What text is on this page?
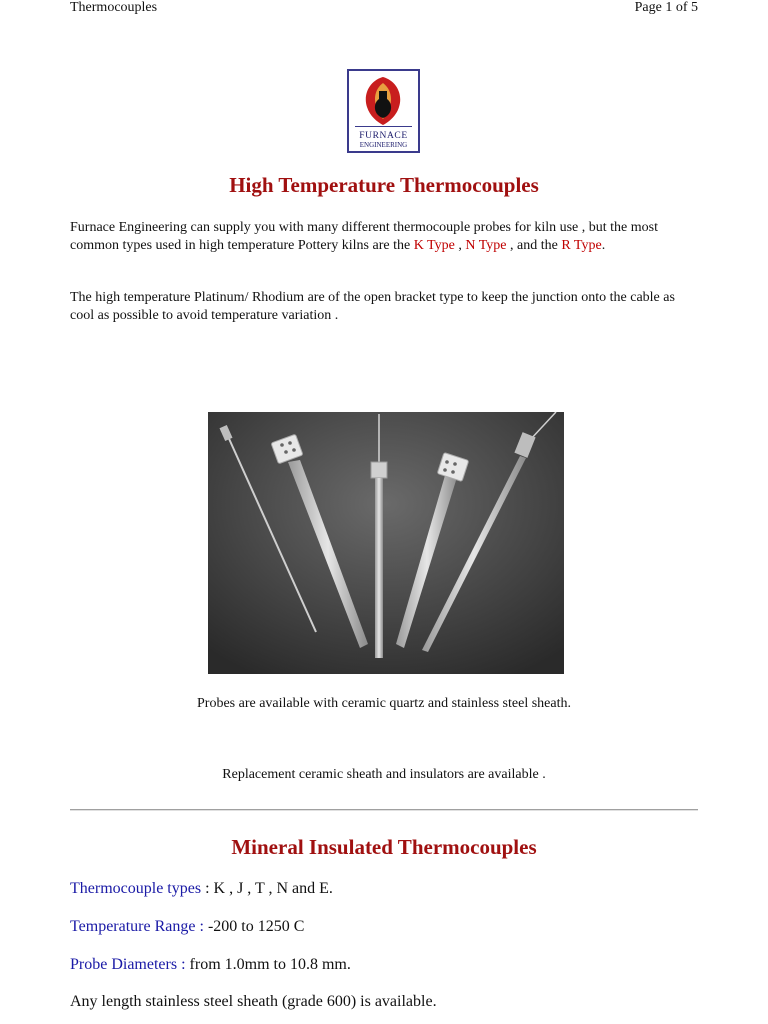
Thermocouples	Page 1 of 5
FURNACE
ENGINEERING
High Temperature Thermocouples
Furnace Engineering can supply you with many different thermocouple probes for kiln use , but the most common types used in high temperature Pottery kilns are the K Type , N Type , and the R Type.
The high temperature Platinum/ Rhodium are of the open bracket type to keep the junction onto the cable as cool as possible to avoid temperature variation .
Probes are available with ceramic quartz and stainless steel sheath.
Replacement ceramic sheath and insulators are available .
Mineral Insulated Thermocouples
Thermocouple types : K , J , T , N and E.
Temperature Range : -200 to 1250 C
Probe Diameters : from 1.0mm to 10.8 mm.
Any length stainless steel sheath (grade 600) is available.
